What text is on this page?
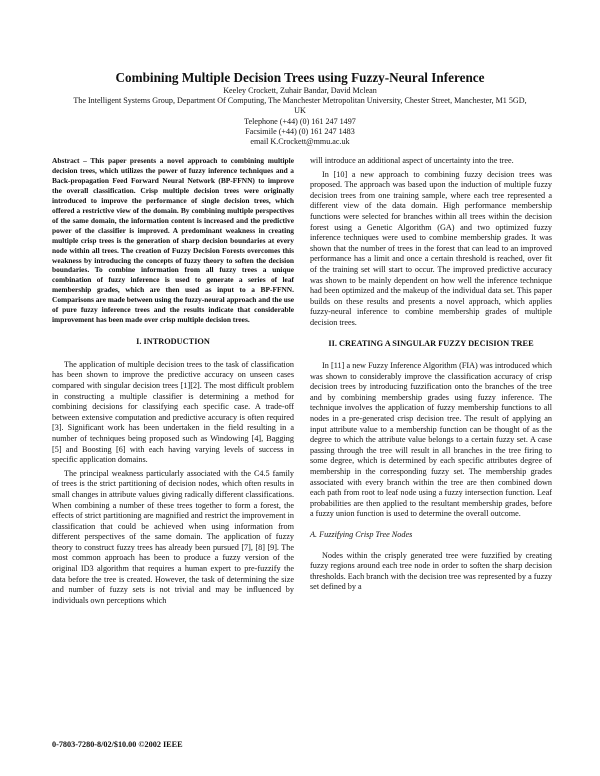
Combining Multiple Decision Trees using Fuzzy-Neural Inference

Keeley Crockett, Zuhair Bandar, David Mclean

The Intelligent Systems Group, Department Of Computing, The Manchester Metropolitan University, Chester Street, Manchester, M1 5GD,

UK

Telephone (+44) (0) 161 247 1497

Facsimile (+44) (0) 161 247 1483

email K.Crockett@mmu.ac.uk

Abstract – This paper presents a novel approach to combining multiple decision trees, which utilizes the power of fuzzy inference techniques and a Back-propagation Feed Forward Neural Network (BP-FFNN) to improve the overall classification. Crisp multiple decision trees were originally introduced to improve the performance of single decision trees, which offered a restrictive view of the domain. By combining multiple perspectives of the same domain, the information content is increased and the predictive power of the classifier is improved. A predominant weakness in creating multiple crisp trees is the generation of sharp decision boundaries at every node within all trees. The creation of Fuzzy Decision Forests overcomes this weakness by introducing the concepts of fuzzy theory to soften the decision boundaries. To combine information from all fuzzy trees a unique combination of fuzzy inference is used to generate a series of leaf membership grades, which are then used as input to a BP-FFNN. Comparisons are made between using the fuzzy-neural approach and the use of pure fuzzy inference trees and the results indicate that considerable improvement has been made over crisp multiple decision trees.

I. INTRODUCTION

The application of multiple decision trees to the task of classification has been shown to improve the predictive accuracy on unseen cases compared with singular decision trees [1][2]. The most difficult problem in constructing a multiple classifier is determining a method for combining decisions for classifying each specific case. A trade-off between extensive computation and predictive accuracy is often required [3]. Significant work has been undertaken in the field resulting in a number of techniques being proposed such as Windowing [4], Bagging [5] and Boosting [6] with each having varying levels of success in specific application domains.

The principal weakness particularly associated with the C4.5 family of trees is the strict partitioning of decision nodes, which often results in small changes in attribute values giving radically different classifications. When combining a number of these trees together to form a forest, the effects of strict partitioning are magnified and restrict the improvement in classification that could be achieved when using information from different perspectives of the same domain. The application of fuzzy theory to construct fuzzy trees has already been pursued [7], [8] [9]. The most common approach has been to produce a fuzzy version of the original ID3 algorithm that requires a human expert to pre-fuzzify the data before the tree is created. However, the task of determining the size and number of fuzzy sets is not trivial and may be influenced by individuals own perceptions which

will introduce an additional aspect of uncertainty into the tree.

In [10] a new approach to combining fuzzy decision trees was proposed. The approach was based upon the induction of multiple fuzzy decision trees from one training sample, where each tree represented a different view of the data domain. High performance membership functions were selected for branches within all trees within the decision forest using a Genetic Algorithm (GA) and two optimized fuzzy inference techniques were used to combine membership grades. It was shown that the number of trees in the forest that can lead to an improved performance has a limit and once a certain threshold is reached, over fit of the training set will start to occur. The improved predictive accuracy was shown to be mainly dependent on how well the inference technique had been optimized and the makeup of the individual data set. This paper builds on these results and presents a novel approach, which applies fuzzy-neural inference to combine membership grades of multiple decision trees.

II. CREATING A SINGULAR FUZZY DECISION TREE

In [11] a new Fuzzy Inference Algorithm (FIA) was introduced which was shown to considerably improve the classification accuracy of crisp decision trees by introducing fuzzification onto the branches of the tree and by combining membership grades using fuzzy inference. The technique involves the application of fuzzy membership functions to all nodes in a pre-generated crisp decision tree. The result of applying an input attribute value to a membership function can be thought of as the degree to which the attribute value belongs to a certain fuzzy set. A case passing through the tree will result in all branches in the tree firing to some degree, which is determined by each specific attributes degree of membership in the corresponding fuzzy set. The membership grades associated with every branch within the tree are then combined down each path from root to leaf node using a fuzzy intersection function. Leaf probabilities are then applied to the resultant membership grades, before a fuzzy union function is used to determine the overall outcome.

A. Fuzzifying Crisp Tree Nodes

Nodes within the crisply generated tree were fuzzified by creating fuzzy regions around each tree node in order to soften the sharp decision thresholds. Each branch with the decision tree was represented by a fuzzy set defined by a

0-7803-7280-8/02/$10.00 ©2002 IEEE
